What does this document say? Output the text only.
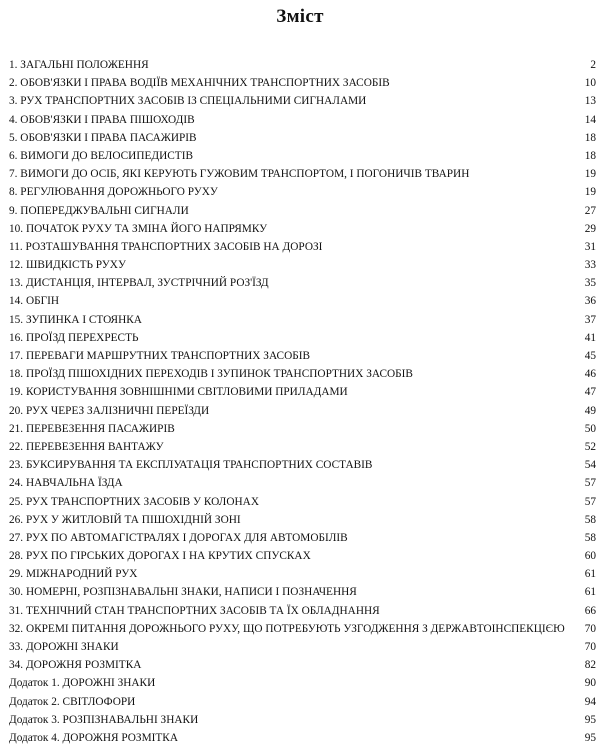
Зміст
1. ЗАГАЛЬНІ ПОЛОЖЕННЯ	2
2. ОБОВ'ЯЗКИ І ПРАВА ВОДІЇВ МЕХАНІЧНИХ ТРАНСПОРТНИХ ЗАСОБІВ	10
3. РУХ ТРАНСПОРТНИХ ЗАСОБІВ ІЗ СПЕЦІАЛЬНИМИ СИГНАЛАМИ	13
4. ОБОВ'ЯЗКИ І ПРАВА ПІШОХОДІВ	14
5. ОБОВ'ЯЗКИ І ПРАВА ПАСАЖИРІВ	18
6. ВИМОГИ ДО ВЕЛОСИПЕДИСТІВ	18
7. ВИМОГИ ДО ОСІБ, ЯКІ КЕРУЮТЬ ГУЖОВИМ ТРАНСПОРТОМ, І ПОГОНИЧІВ ТВАРИН	19
8. РЕГУЛЮВАННЯ ДОРОЖНЬОГО РУХУ	19
9. ПОПЕРЕДЖУВАЛЬНІ СИГНАЛИ	27
10. ПОЧАТОК РУХУ ТА ЗМІНА ЙОГО НАПРЯМКУ	29
11. РОЗТАШУВАННЯ ТРАНСПОРТНИХ ЗАСОБІВ НА ДОРОЗІ	31
12. ШВИДКІСТЬ РУХУ	33
13. ДИСТАНЦІЯ, ІНТЕРВАЛ, ЗУСТРІЧНИЙ РОЗ'ЇЗД	35
14. ОБГІН	36
15. ЗУПИНКА І СТОЯНКА	37
16. ПРОЇЗД ПЕРЕХРЕСТЬ	41
17. ПЕРЕВАГИ МАРШРУТНИХ ТРАНСПОРТНИХ ЗАСОБІВ	45
18. ПРОЇЗД ПІШОХІДНИХ ПЕРЕХОДІВ І ЗУПИНОК ТРАНСПОРТНИХ ЗАСОБІВ	46
19. КОРИСТУВАННЯ ЗОВНІШНІМИ СВІТЛОВИМИ ПРИЛАДАМИ	47
20. РУХ ЧЕРЕЗ ЗАЛІЗНИЧНІ ПЕРЕЇЗДИ	49
21. ПЕРЕВЕЗЕННЯ ПАСАЖИРІВ	50
22. ПЕРЕВЕЗЕННЯ ВАНТАЖУ	52
23. БУКСИРУВАННЯ ТА ЕКСПЛУАТАЦІЯ ТРАНСПОРТНИХ СОСТАВІВ	54
24. НАВЧАЛЬНА ЇЗДА	57
25. РУХ ТРАНСПОРТНИХ ЗАСОБІВ У КОЛОНАХ	57
26. РУХ У ЖИТЛОВІЙ ТА ПІШОХІДНІЙ ЗОНІ	58
27. РУХ ПО АВТОМАГІСТРАЛЯХ І ДОРОГАХ ДЛЯ АВТОМОБІЛІВ	58
28. РУХ ПО ГІРСЬКИХ ДОРОГАХ І НА КРУТИХ СПУСКАХ	60
29. МІЖНАРОДНИЙ РУХ	61
30. НОМЕРНІ, РОЗПІЗНАВАЛЬНІ ЗНАКИ, НАПИСИ І ПОЗНАЧЕННЯ	61
31. ТЕХНІЧНИЙ СТАН ТРАНСПОРТНИХ ЗАСОБІВ ТА ЇХ ОБЛАДНАННЯ	66
32. ОКРЕМІ ПИТАННЯ ДОРОЖНЬОГО РУХУ, ЩО ПОТРЕБУЮТЬ УЗГОДЖЕННЯ З ДЕРЖАВТОІНСПЕКЦІЄЮ 70
33. ДОРОЖНІ ЗНАКИ	70
34. ДОРОЖНЯ РОЗМІТКА	82
Додаток 1. ДОРОЖНІ ЗНАКИ	90
Додаток 2. СВІТЛОФОРИ	94
Додаток 3. РОЗПІЗНАВАЛЬНІ ЗНАКИ	95
Додаток 4. ДОРОЖНЯ РОЗМІТКА	95
